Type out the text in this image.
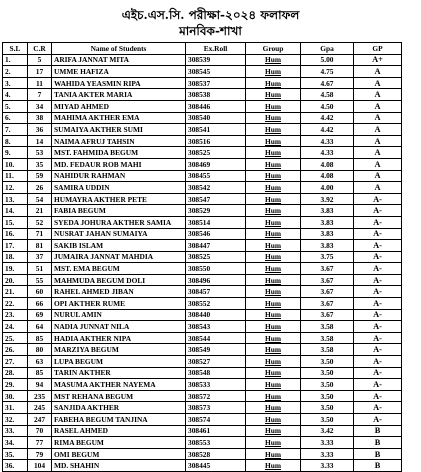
এইচ.এস.সি. পরীক্ষা-২০২৪ ফলাফল
মানবিক-শাখা
S.L	C.R	Name of Students	Ex.Roll	Group	Gpa	GP
1.	5	ARIFA JANNAT MITA	308539	Hum	5.00	A+
2.	17	UMME HAFIZA	308545	Hum	4.75	A
3.	11	WAHIDA YEASMIN RIPA	308537	Hum	4.67	A
4.	7	TANIA AKTER MARIA	308538	Hum	4.58	A
5.	34	MIYAD AHMED	308446	Hum	4.50	A
6.	38	MAHIMA AKTHER EMA	308540	Hum	4.42	A
7.	36	SUMAIYA AKTHER SUMI	308541	Hum	4.42	A
8.	14	NAIMA AFRUJ TAHSIN	308516	Hum	4.33	A
9.	53	MST. FAHMIDA BEGUM	308525	Hum	4.33	A
10.	35	MD. FEDAUR ROB MAHI	308469	Hum	4.08	A
11.	59	NAHIDUR RAHMAN	308455	Hum	4.08	A
12.	26	SAMIRA UDDIN	308542	Hum	4.00	A
13.	54	HUMAYRA AKTHER PETE	308547	Hum	3.92	A-
14.	21	FABIA BEGUM	308529	Hum	3.83	A-
15.	52	SYEDA JOHURA AKTHER SAMIA	308514	Hum	3.83	A-
16.	71	NUSRAT JAHAN SUMAIYA	308546	Hum	3.83	A-
17.	81	SAKIB ISLAM	308447	Hum	3.83	A-
18.	37	JUMAIRA JANNAT MAHDIA	308525	Hum	3.75	A-
19.	51	MST. EMA BEGUM	308550	Hum	3.67	A-
20.	55	MAHMUDA BEGUM DOLI	308496	Hum	3.67	A-
21.	60	RAHEL AHMED JIBAN	308457	Hum	3.67	A-
22.	66	OPI AKTHER RUME	308552	Hum	3.67	A-
23.	69	NURUL AMIN	308440	Hum	3.67	A-
24.	64	NADIA JUNNAT NILA	308543	Hum	3.58	A-
25.	85	HADIA AKTHER NIPA	308544	Hum	3.58	A-
26.	80	MARZIYA BEGUM	308549	Hum	3.58	A-
27.	63	LUPA BEGUM	308527	Hum	3.50	A-
28.	85	TARIN AKTHER	308548	Hum	3.50	A-
29.	94	MASUMA AKTHER NAYEMA	308533	Hum	3.50	A-
30.	235	MST REHANA BEGUM	308572	Hum	3.50	A-
31.	245	SANJIDA AKTHER	308573	Hum	3.50	A-
32.	247	FABEHA BEGUM TANJINA	308574	Hum	3.50	A-
33.	70	RASEL AHMED	308461	Hum	3.42	B
34.	77	RIMA BEGUM	308553	Hum	3.33	B
35.	79	OMI BEGUM	308528	Hum	3.33	B
36.	104	MD. SHAHIN	308445	Hum	3.33	B
